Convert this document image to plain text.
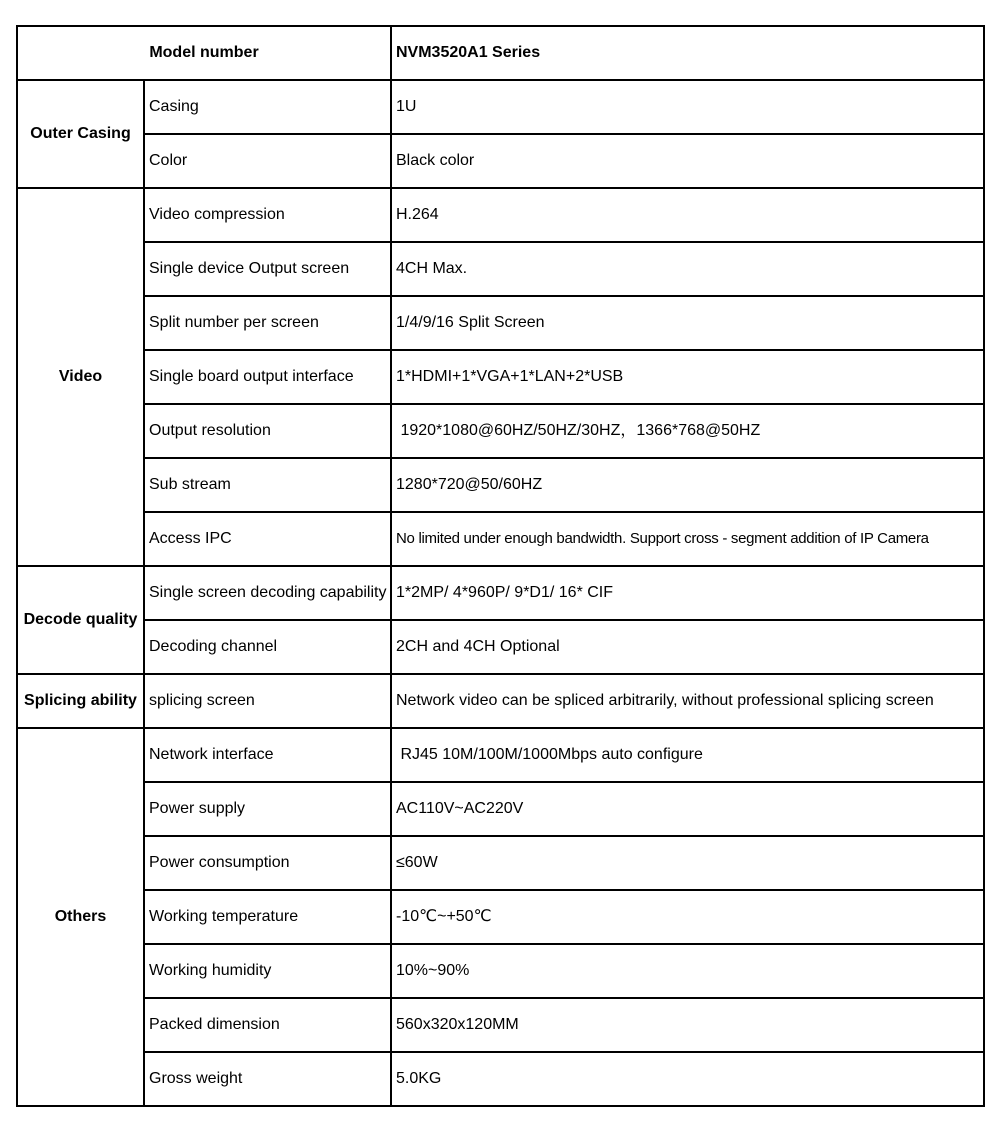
Model number		NVM3520A1 Series
Outer Casing	Casing	1U
	Color	Black color
Video	Video compression	H.264
	Single device Output screen	4CH Max.
	Split number per screen	1/4/9/16 Split Screen
	Single board output interface	1*HDMI+1*VGA+1*LAN+2*USB
	Output resolution	1920*1080@60HZ/50HZ/30HZ，1366*768@50HZ
	Sub stream	1280*720@50/60HZ
	Access IPC	No limited under enough bandwidth. Support cross - segment addition of IP Camera
Decode quality	Single screen decoding capability	1*2MP/ 4*960P/ 9*D1/ 16* CIF
	Decoding channel	2CH and 4CH Optional
Splicing ability	splicing screen	Network video can be spliced arbitrarily, without professional splicing screen
Others	Network interface	RJ45 10M/100M/1000Mbps auto configure
	Power supply	AC110V~AC220V
	Power consumption	≤60W
	Working temperature	-10℃~+50℃
	Working humidity	10%~90%
	Packed dimension	560x320x120MM
	Gross weight	5.0KG
